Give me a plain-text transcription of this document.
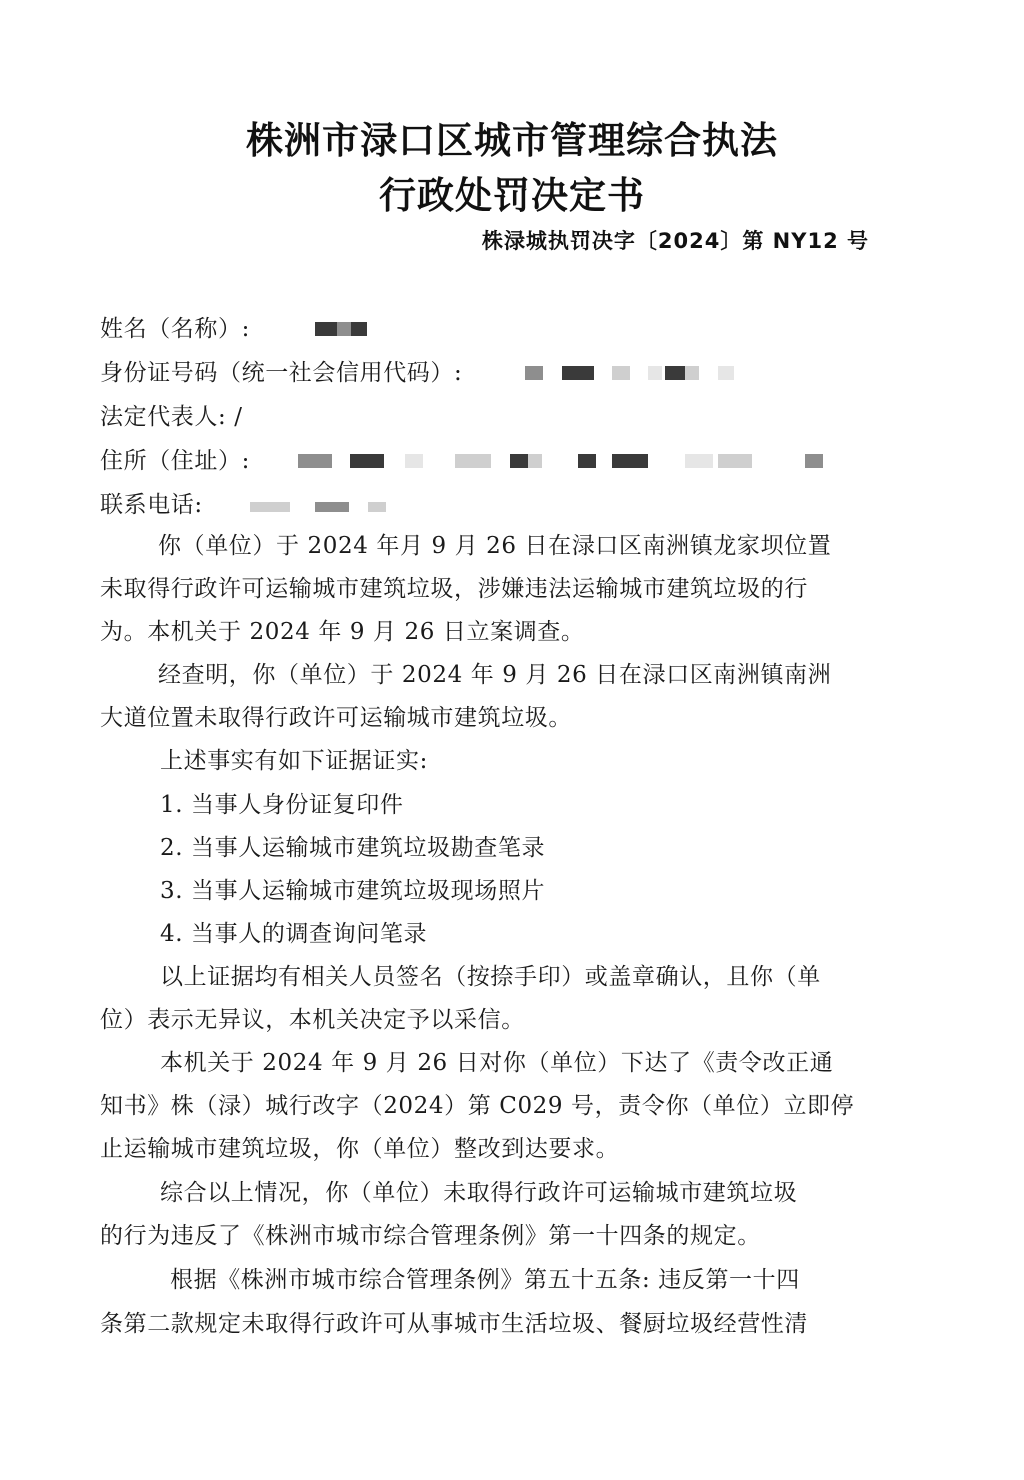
株洲市渌口区城市管理综合执法
行政处罚决定书
株渌城执罚决字〔2024〕第 NY12 号
姓名（名称）:
身份证号码（统一社会信用代码）:
法定代表人: /
住所（住址）:
联系电话:
你（单位）于 2024 年月 9 月 26 日在渌口区南洲镇龙家坝位置
未取得行政许可运输城市建筑垃圾，涉嫌违法运输城市建筑垃圾的行
为。本机关于 2024 年 9 月 26 日立案调查。
经查明，你（单位）于 2024 年 9 月 26 日在渌口区南洲镇南洲
大道位置未取得行政许可运输城市建筑垃圾。
上述事实有如下证据证实:
1. 当事人身份证复印件
2. 当事人运输城市建筑垃圾勘查笔录
3. 当事人运输城市建筑垃圾现场照片
4. 当事人的调查询问笔录
以上证据均有相关人员签名（按捺手印）或盖章确认，且你（单
位）表示无异议，本机关决定予以采信。
本机关于 2024 年 9 月 26 日对你（单位）下达了《责令改正通
知书》株（渌）城行改字（2024）第 C029 号，责令你（单位）立即停
止运输城市建筑垃圾，你（单位）整改到达要求。
综合以上情况，你（单位）未取得行政许可运输城市建筑垃圾
的行为违反了《株洲市城市综合管理条例》第一十四条的规定。
根据《株洲市城市综合管理条例》第五十五条: 违反第一十四
条第二款规定未取得行政许可从事城市生活垃圾、餐厨垃圾经营性清
